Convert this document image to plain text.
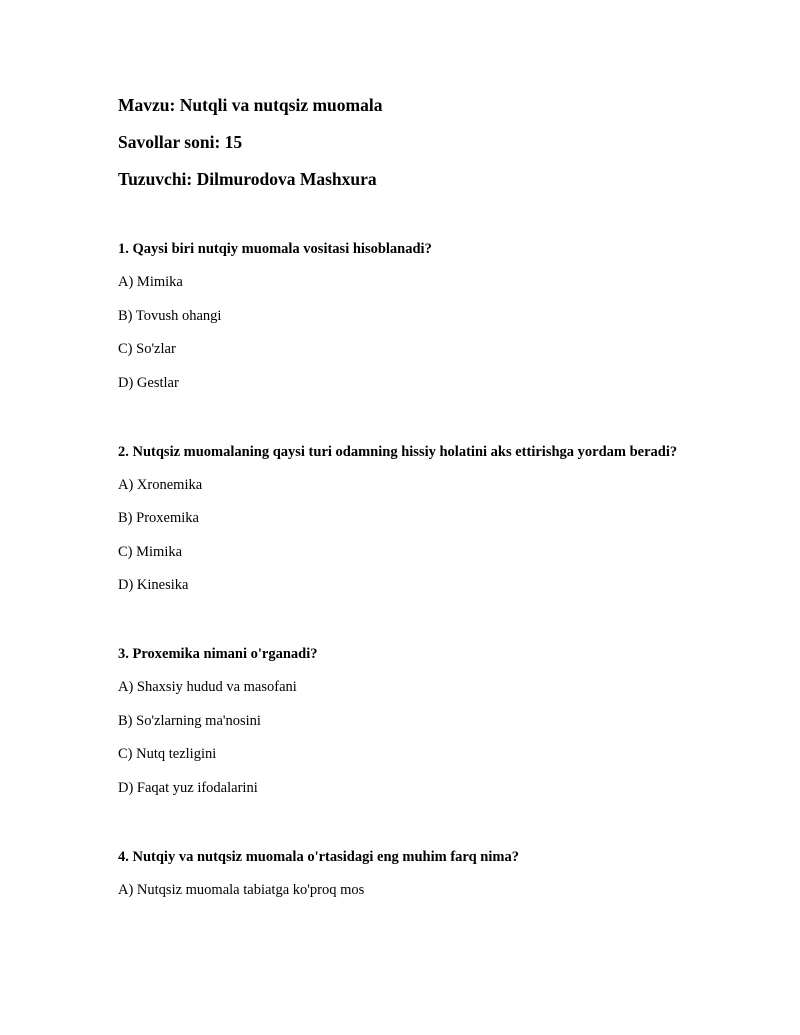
Mavzu: Nutqli va nutqsiz muomala
Savollar soni: 15
Tuzuvchi: Dilmurodova Mashxura
1. Qaysi biri nutqiy muomala vositasi hisoblanadi?
A) Mimika
B) Tovush ohangi
C) So'zlar
D) Gestlar
2. Nutqsiz muomalaning qaysi turi odamning hissiy holatini aks ettirishga yordam beradi?
A) Xronemika
B) Proxemika
C) Mimika
D) Kinesika
3. Proxemika nimani o'rganadi?
A) Shaxsiy hudud va masofani
B) So'zlarning ma'nosini
C) Nutq tezligini
D) Faqat yuz ifodalarini
4. Nutqiy va nutqsiz muomala o'rtasidagi eng muhim farq nima?
A) Nutqsiz muomala tabiatga ko'proq mos
